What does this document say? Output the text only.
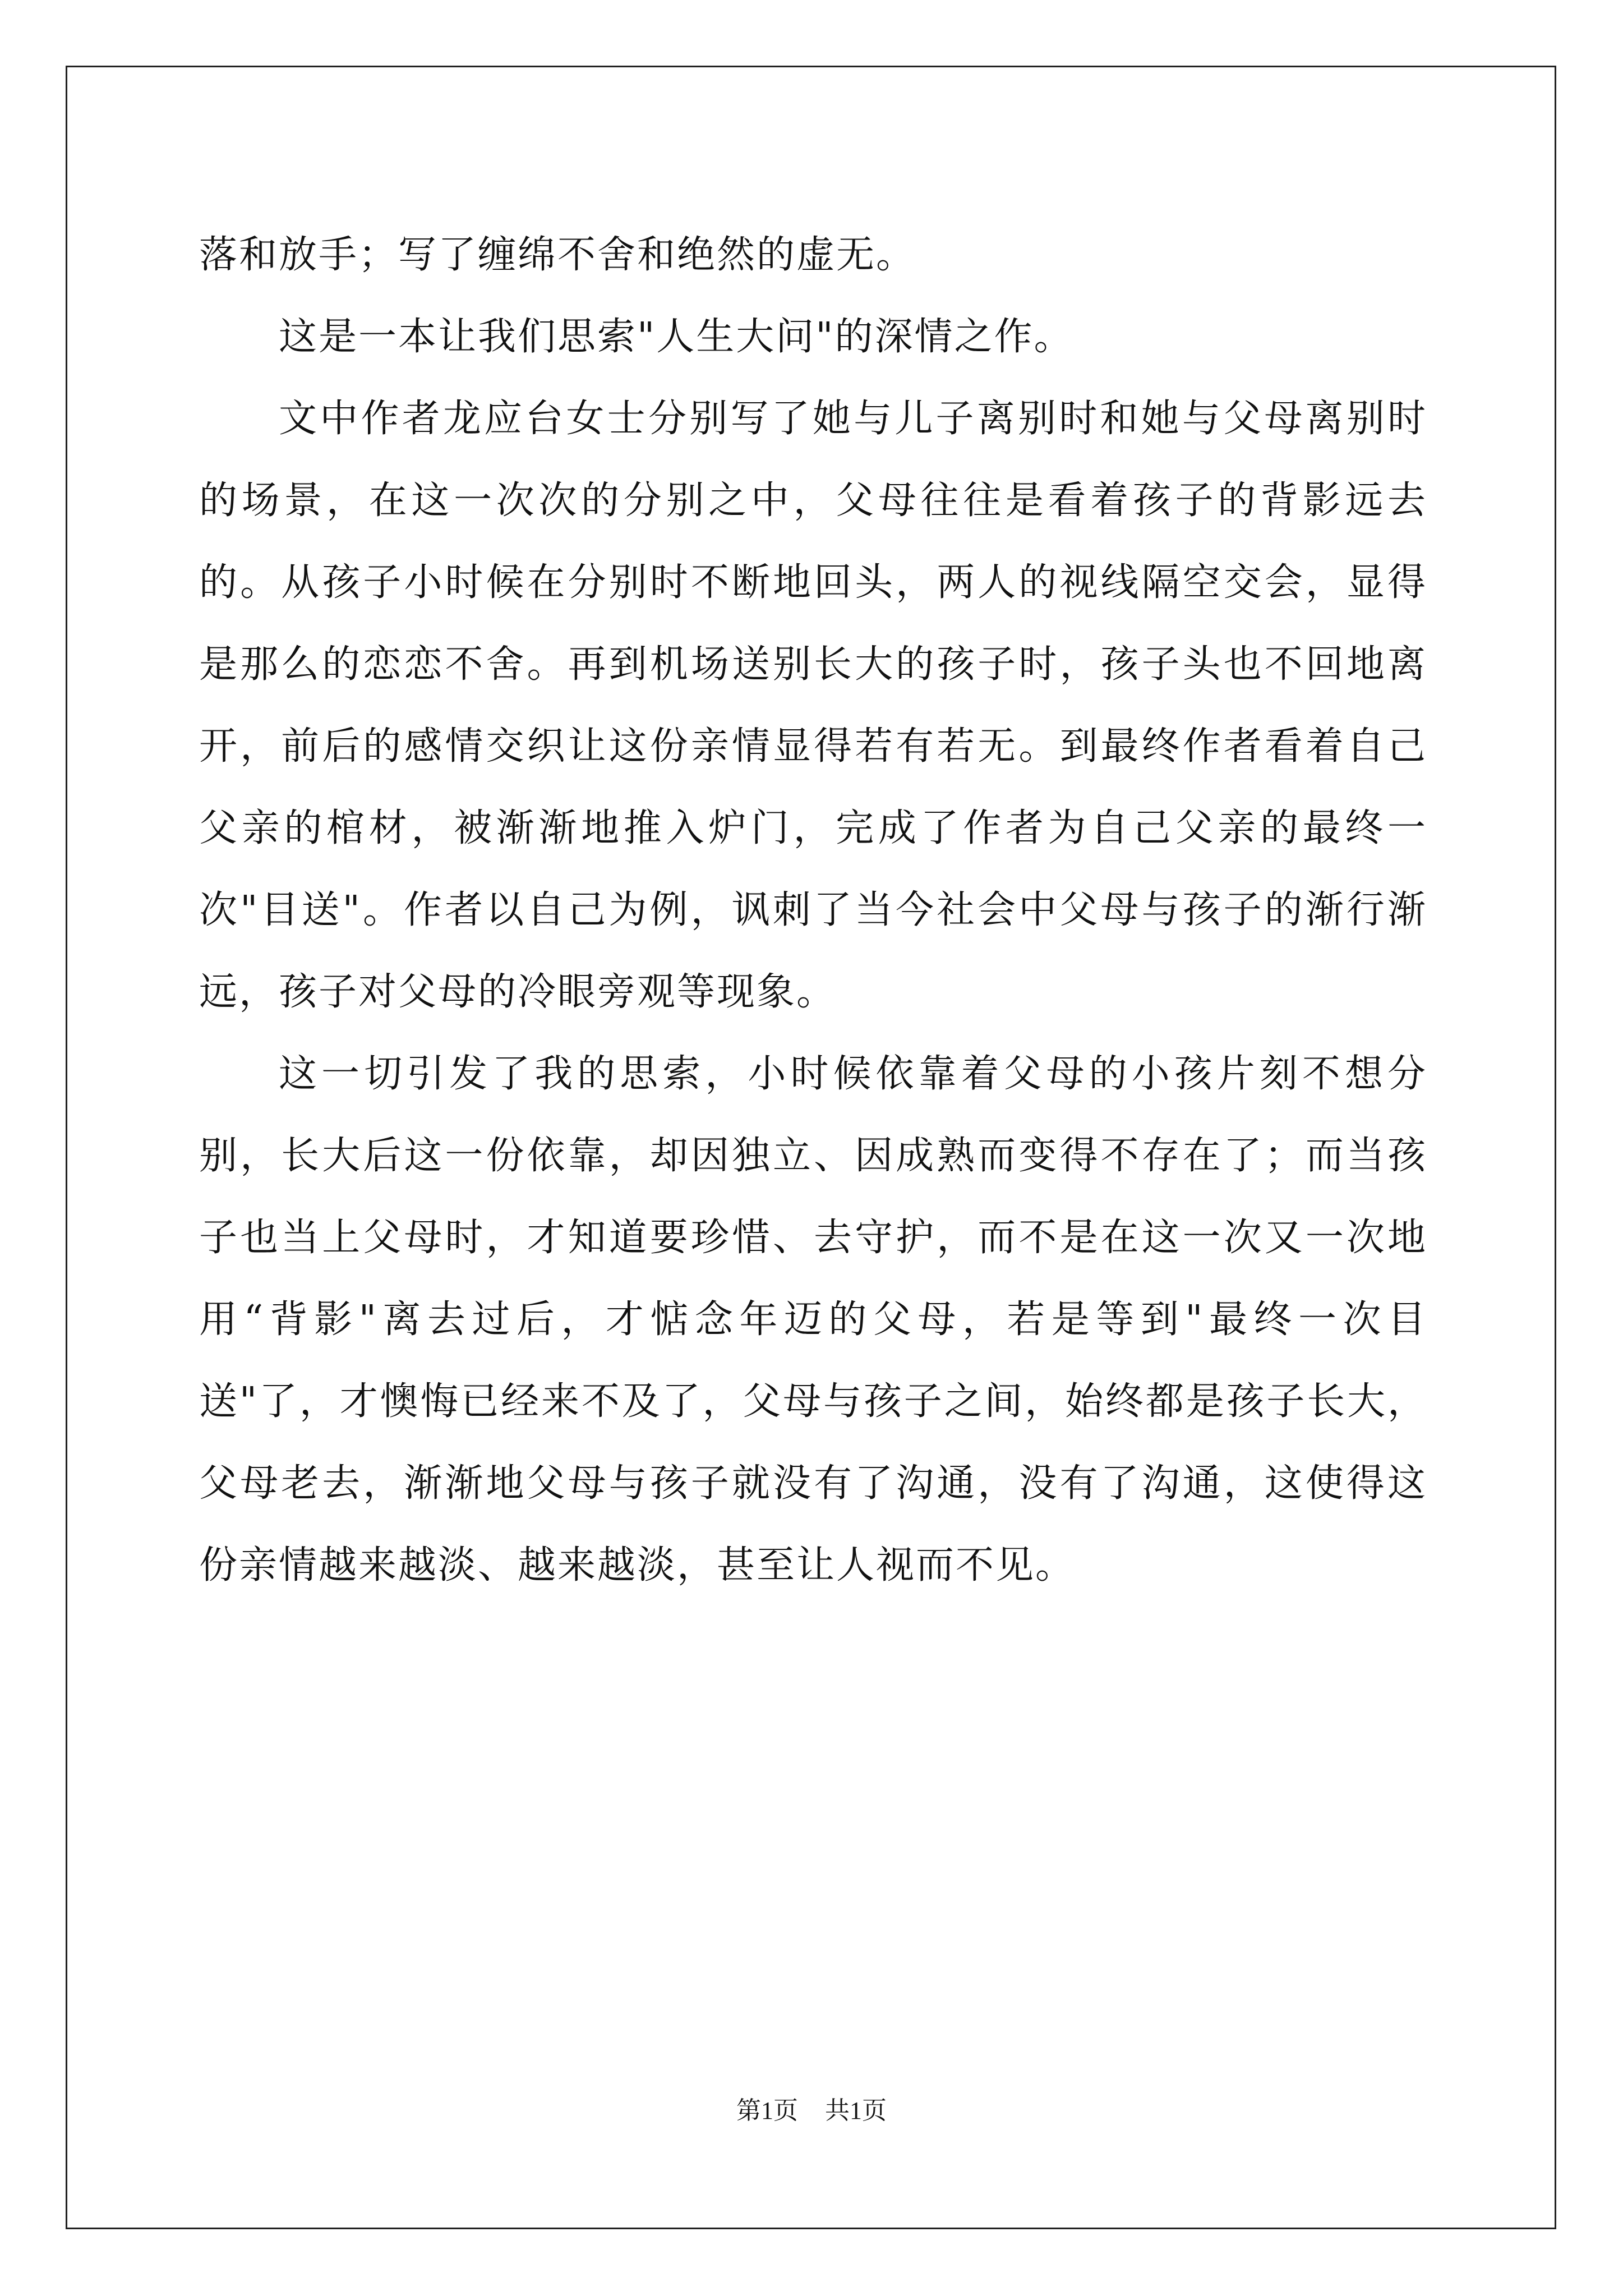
落和放手；写了缠绵不舍和绝然的虚无。

这是一本让我们思索"人生大问"的深情之作。

文中作者龙应台女士分别写了她与儿子离别时和她与父母离别时的场景，在这一次次的分别之中，父母往往是看着孩子的背影远去的。从孩子小时候在分别时不断地回头，两人的视线隔空交会，显得是那么的恋恋不舍。再到机场送别长大的孩子时，孩子头也不回地离开，前后的感情交织让这份亲情显得若有若无。到最终作者看着自己父亲的棺材，被渐渐地推入炉门，完成了作者为自己父亲的最终一次"目送"。作者以自己为例，讽刺了当今社会中父母与孩子的渐行渐远，孩子对父母的冷眼旁观等现象。

这一切引发了我的思索，小时候依靠着父母的小孩片刻不想分别，长大后这一份依靠，却因独立、因成熟而变得不存在了；而当孩子也当上父母时，才知道要珍惜、去守护，而不是在这一次又一次地用“背影"离去过后，才惦念年迈的父母，若是等到"最终一次目送"了，才懊悔已经来不及了，父母与孩子之间，始终都是孩子长大，父母老去，渐渐地父母与孩子就没有了沟通，没有了沟通，这使得这份亲情越来越淡、越来越淡，甚至让人视而不见。

第1页 共1页
